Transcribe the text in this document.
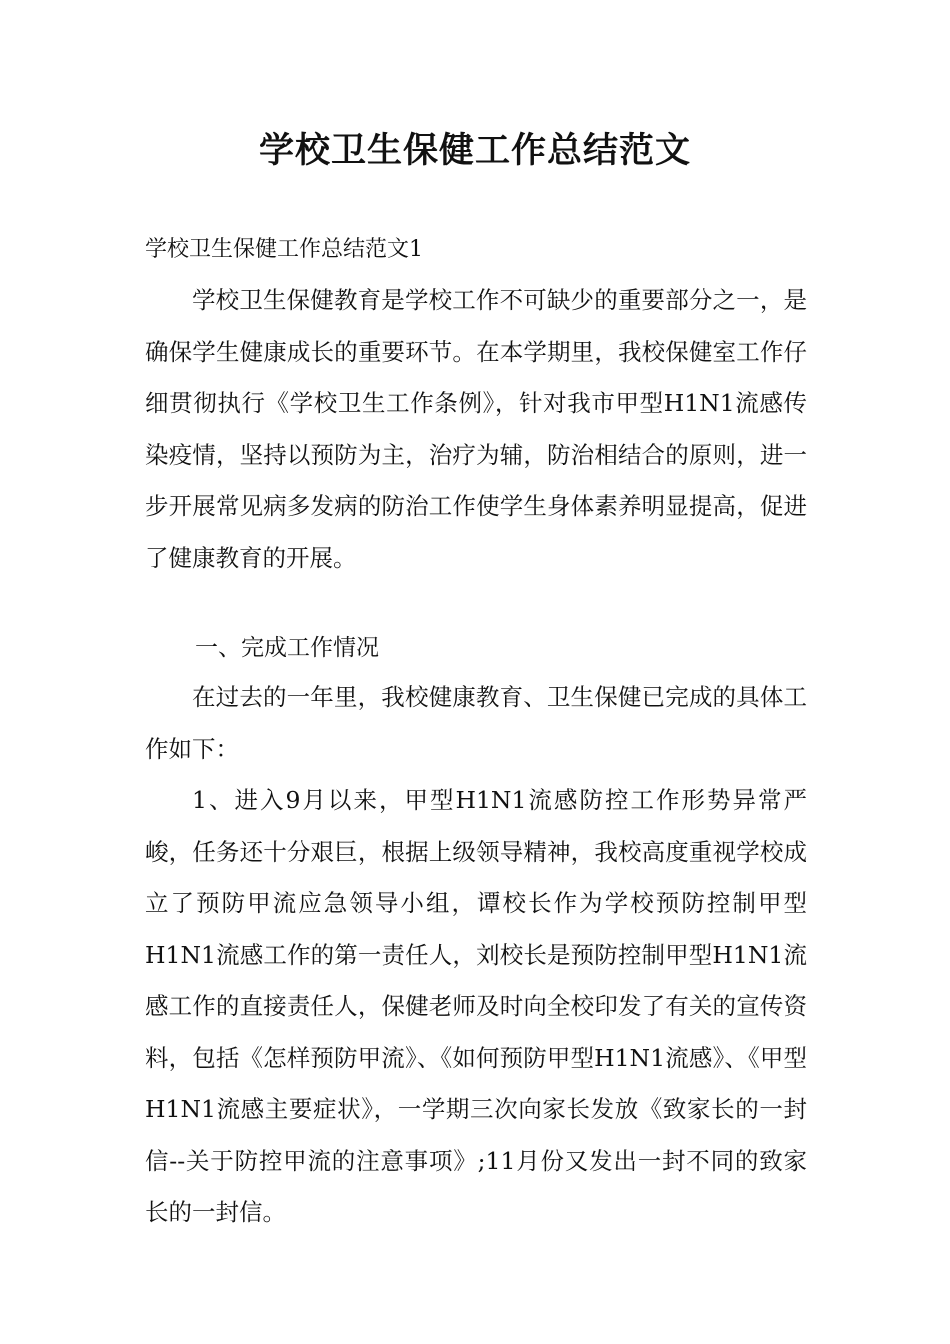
学校卫生保健工作总结范文
学校卫生保健工作总结范文1

学校卫生保健教育是学校工作不可缺少的重要部分之一，是确保学生健康成长的重要环节。在本学期里，我校保健室工作仔细贯彻执行《学校卫生工作条例》，针对我市甲型H1N1流感传染疫情，坚持以预防为主，治疗为辅，防治相结合的原则，进一步开展常见病多发病的防治工作使学生身体素养明显提高，促进了健康教育的开展。

一、完成工作情况

在过去的一年里，我校健康教育、卫生保健已完成的具体工作如下：

1、进入9月以来，甲型H1N1流感防控工作形势异常严峻，任务还十分艰巨，根据上级领导精神，我校高度重视学校成立了预防甲流应急领导小组，谭校长作为学校预防控制甲型H1N1流感工作的第一责任人，刘校长是预防控制甲型H1N1流感工作的直接责任人，保健老师及时向全校印发了有关的宣传资料，包括《怎样预防甲流》、《如何预防甲型H1N1流感》、《甲型H1N1流感主要症状》，一学期三次向家长发放《致家长的一封信--关于防控甲流的注意事项》;11月份又发出一封不同的致家长的一封信。
